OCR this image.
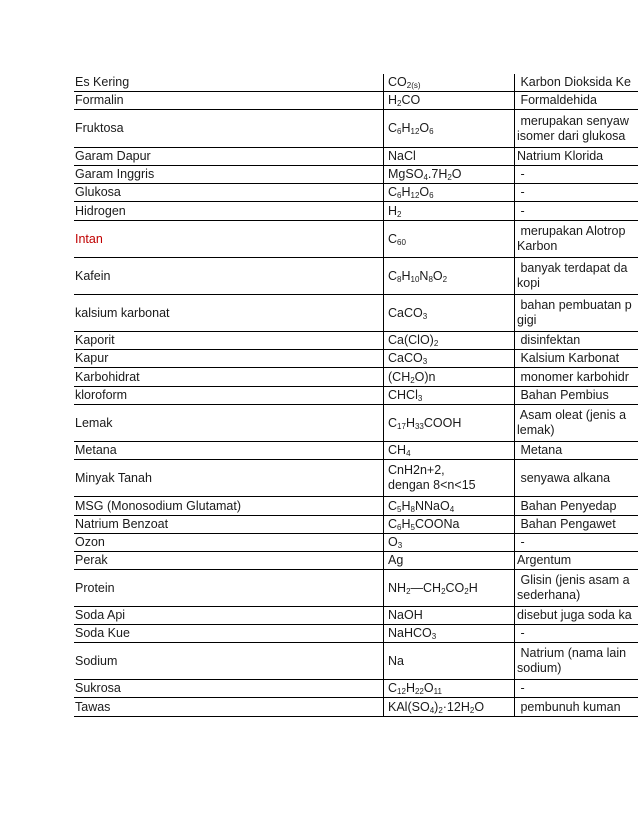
Es Kering	$CO_{2(s)}$	Karbon Dioksida Ke

Formalin	$H_2CO$	Formaldehida

Fruktosa	$C_6H_{12}O_6$	merupakan senyaw
isomer dari glukosa

Garam Dapur	NaCl	Natrium Klorida

Garam Inggris	$MgSO_4.7H_2O$	-

Glukosa	$C_6H_{12}O_6$	-

Hidrogen	$H_2$	-

Intan	$C_{60}$	merupakan Alotrop
Karbon

Kafein	$C_8H_{10}N_8O_2$	banyak terdapat da
kopi

kalsium karbonat	CaCO$_3$	bahan pembuatan p
gigi

Kaporit	$Ca(ClO)_2$	disinfektan

Kapur	CaCO$_3$	Kalsium Karbonat

Karbohidrat	$(CH_2O)n$	monomer karbohidr

kloroform	CHCl$_3$	Bahan Pembius

Lemak	$C_{17}H_{33}COOH$	Asam oleat (jenis a
lemak)

Metana	$CH_4$	Metana

Minyak Tanah	CnH2n+2,
dengan 8<n<15	senyawa alkana

MSG (Monosodium Glutamat)	$C_5H_8NNaO_4$	Bahan Penyedap

Natrium Benzoat	$C_6H_5COONa$	Bahan Pengawet

Ozon	$O_3$	-

Perak	Ag	Argentum

Protein	$NH_2—CH_2CO_2H$	Glisin (jenis asam a
sederhana)

Soda Api	NaOH	disebut juga soda ka

Soda Kue	NaHCO$_3$	-

Sodium	Na	Natrium (nama lain
sodium)

Sukrosa	$C_{12}H_{22}O_{11}$	-

Tawas	$KAl(SO_4)_2\cdot 12H_2O$	pembunuh kuman
